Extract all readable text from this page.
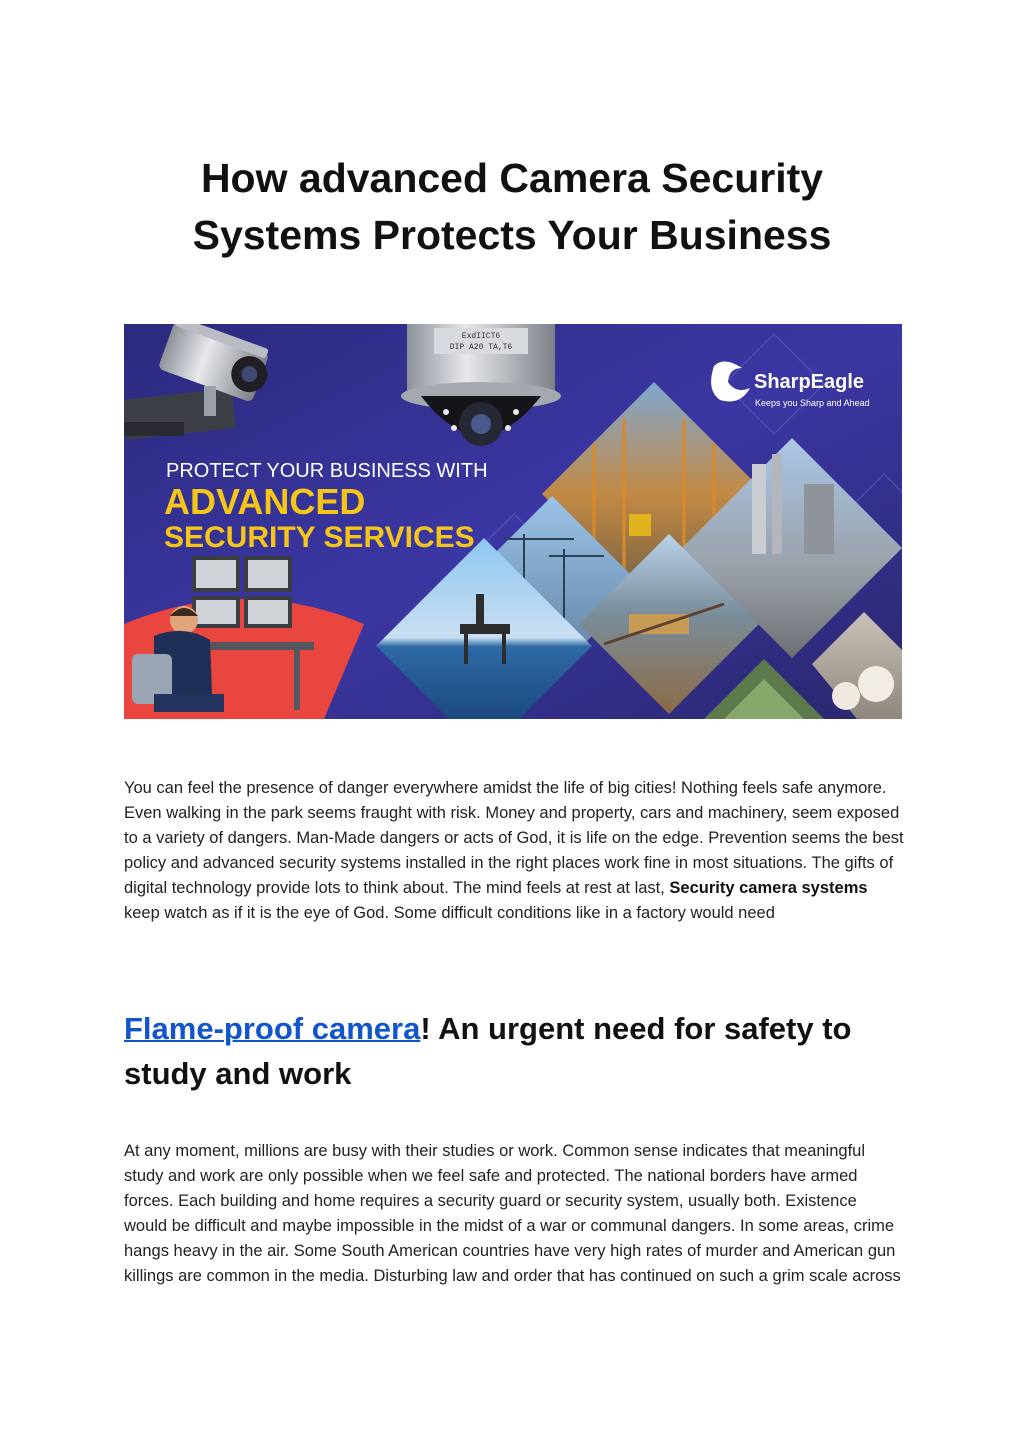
How advanced Camera Security Systems Protects Your Business
ExdIICT6
DIP A20 TA,T6
SharpEagle
Keeps you Sharp and Ahead
PROTECT YOUR BUSINESS WITH
ADVANCED
SECURITY SERVICES

You can feel the presence of danger everywhere amidst the life of big cities! Nothing feels safe anymore. Even walking in the park seems fraught with risk. Money and property, cars and machinery, seem exposed to a variety of dangers. Man-Made dangers or acts of God, it is life on the edge. Prevention seems the best policy and advanced security systems installed in the right places work fine in most situations. The gifts of digital technology provide lots to think about. The mind feels at rest at last, Security camera systems keep watch as if it is the eye of God. Some difficult conditions like in a factory would need

Flame-proof camera! An urgent need for safety to study and work

At any moment, millions are busy with their studies or work. Common sense indicates that meaningful study and work are only possible when we feel safe and protected. The national borders have armed forces. Each building and home requires a security guard or security system, usually both. Existence would be difficult and maybe impossible in the midst of a war or communal dangers. In some areas, crime hangs heavy in the air. Some South American countries have very high rates of murder and American gun killings are common in the media. Disturbing law and order that has continued on such a grim scale across
